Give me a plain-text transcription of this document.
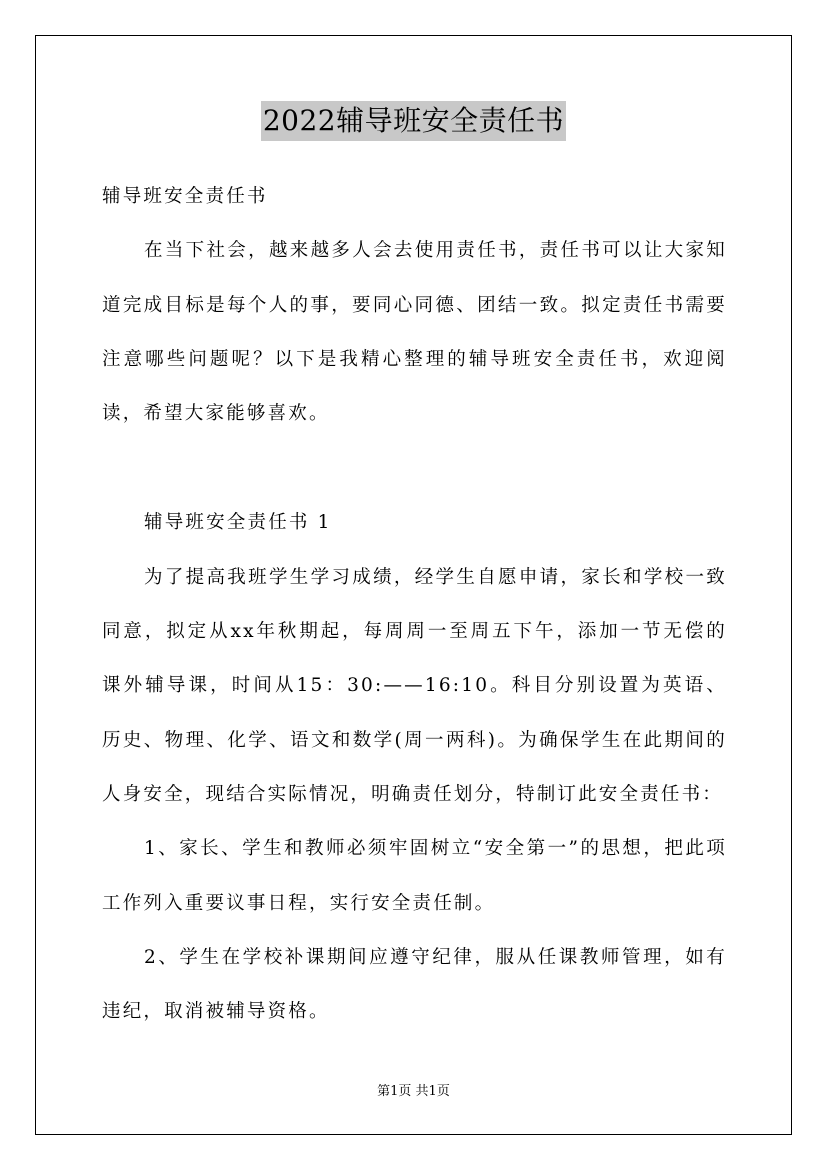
2022辅导班安全责任书

辅导班安全责任书

在当下社会，越来越多人会去使用责任书，责任书可以让大家知道完成目标是每个人的事，要同心同德、团结一致。拟定责任书需要注意哪些问题呢？以下是我精心整理的辅导班安全责任书，欢迎阅读，希望大家能够喜欢。

辅导班安全责任书 1

为了提高我班学生学习成绩，经学生自愿申请，家长和学校一致同意，拟定从xx年秋期起，每周周一至周五下午，添加一节无偿的课外辅导课，时间从15：30:——16:10。科目分别设置为英语、历史、物理、化学、语文和数学(周一两科)。为确保学生在此期间的人身安全，现结合实际情况，明确责任划分，特制订此安全责任书：

1、家长、学生和教师必须牢固树立“安全第一”的思想，把此项工作列入重要议事日程，实行安全责任制。

2、学生在学校补课期间应遵守纪律，服从任课教师管理，如有违纪，取消被辅导资格。

第1页 共1页
